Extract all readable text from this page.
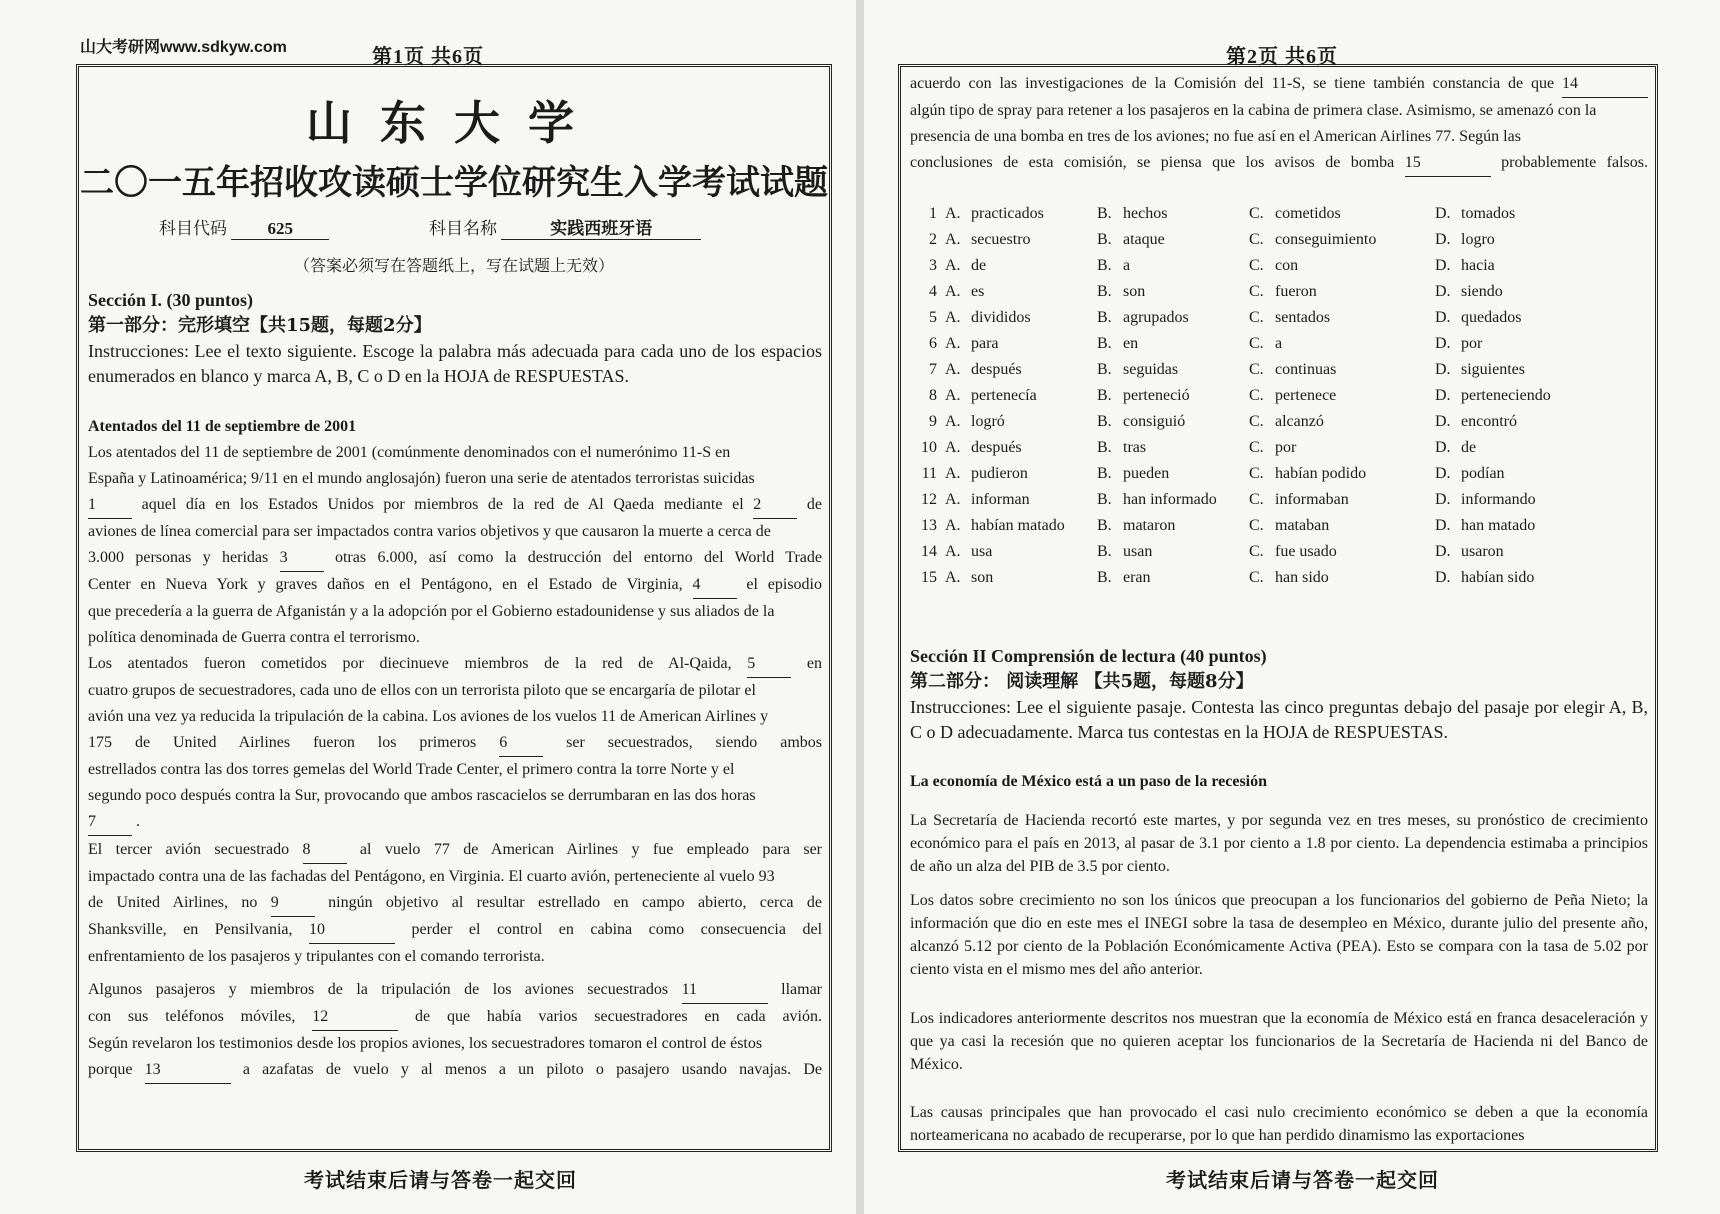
山大考研网www.sdkyw.com	第1页 共6页
山东大学
二〇一五年招收攻读硕士学位研究生入学考试试题
科目代码 625	科目名称	实践西班牙语
（答案必须写在答题纸上，写在试题上无效）
Sección I. (30 puntos)
第一部分：完形填空【共15题，每题2分】
Instrucciones: Lee el texto siguiente. Escoge la palabra más adecuada para cada uno de los espacios enumerados en blanco y marca A, B, C o D en la HOJA de RESPUESTAS.
Atentados del 11 de septiembre de 2001
Los atentados del 11 de septiembre de 2001 (comúnmente denominados con el numerónimo 11-S en
España y Latinoamérica; 9/11 en el mundo anglosajón) fueron una serie de atentados terroristas suicidas
1 aquel día en los Estados Unidos por miembros de la red de Al Qaeda mediante el 2 de
aviones de línea comercial para ser impactados contra varios objetivos y que causaron la muerte a cerca de
3.000 personas y heridas 3 otras 6.000, así como la destrucción del entorno del World Trade
Center en Nueva York y graves daños en el Pentágono, en el Estado de Virginia, 4 el episodio
que precedería a la guerra de Afganistán y a la adopción por el Gobierno estadounidense y sus aliados de la
política denominada de Guerra contra el terrorismo.
Los atentados fueron cometidos por diecinueve miembros de la red de Al-Qaida, 5 en
cuatro grupos de secuestradores, cada uno de ellos con un terrorista piloto que se encargaría de pilotar el
avión una vez ya reducida la tripulación de la cabina. Los aviones de los vuelos 11 de American Airlines y
175 de United Airlines fueron los primeros 6 ser secuestrados, siendo ambos
estrellados contra las dos torres gemelas del World Trade Center, el primero contra la torre Norte y el
segundo poco después contra la Sur, provocando que ambos rascacielos se derrumbaran en las dos horas
7 .
El tercer avión secuestrado 8 al vuelo 77 de American Airlines y fue empleado para ser
impactado contra una de las fachadas del Pentágono, en Virginia. El cuarto avión, perteneciente al vuelo 93
de United Airlines, no 9 ningún objetivo al resultar estrellado en campo abierto, cerca de
Shanksville, en Pensilvania, 10	perder el control en cabina como consecuencia del
enfrentamiento de los pasajeros y tripulantes con el comando terrorista.
Algunos pasajeros y miembros de la tripulación de los aviones secuestrados 11	llamar
con sus teléfonos móviles, 12	de que había varios secuestradores en cada avión.
Según revelaron los testimonios desde los propios aviones, los secuestradores tomaron el control de éstos
porque 13	a azafatas de vuelo y al menos a un piloto o pasajero usando navajas. De
考试结束后请与答卷一起交回
第2页 共6页
acuerdo con las investigaciones de la Comisión del 11-S, se tiene también constancia de que 14
algún tipo de spray para retener a los pasajeros en la cabina de primera clase. Asimismo, se amenazó con la
presencia de una bomba en tres de los aviones; no fue así en el American Airlines 77. Según las
conclusiones de esta comisión, se piensa que los avisos de bomba 15	probablemente falsos.
1	A.	practicados	B.	hechos	C.	cometidos	D.	tomados
2	A.	secuestro	B.	ataque	C.	conseguimiento	D.	logro
3	A.	de	B.	a	C.	con	D.	hacia
4	A.	es	B.	son	C.	fueron	D.	siendo
5	A.	divididos	B.	agrupados	C.	sentados	D.	quedados
6	A.	para	B.	en	C.	a	D.	por
7	A.	después	B.	seguidas	C.	continuas	D.	siguientes
8	A.	pertenecía	B.	perteneció	C.	pertenece	D.	perteneciendo
9	A.	logró	B.	consiguió	C.	alcanzó	D.	encontró
10	A.	después	B.	tras	C.	por	D.	de
11	A.	pudieron	B.	pueden	C.	habían podido	D.	podían
12	A.	informan	B.	han informado	C.	informaban	D.	informando
13	A.	habían matado	B.	mataron	C.	mataban	D.	han matado
14	A.	usa	B.	usan	C.	fue usado	D.	usaron
15	A.	son	B.	eran	C.	han sido	D.	habían sido
Sección II Comprensión de lectura (40 puntos)
第二部分： 阅读理解 【共5题，每题8分】
Instrucciones: Lee el siguiente pasaje. Contesta las cinco preguntas debajo del pasaje por elegir A, B, C o D adecuadamente. Marca tus contestas en la HOJA de RESPUESTAS.
La economía de México está a un paso de la recesión
La Secretaría de Hacienda recortó este martes, y por segunda vez en tres meses, su pronóstico de crecimiento económico para el país en 2013, al pasar de 3.1 por ciento a 1.8 por ciento. La dependencia estimaba a principios de año un alza del PIB de 3.5 por ciento.
Los datos sobre crecimiento no son los únicos que preocupan a los funcionarios del gobierno de Peña Nieto; la información que dio en este mes el INEGI sobre la tasa de desempleo en México, durante julio del presente año, alcanzó 5.12 por ciento de la Población Económicamente Activa (PEA). Esto se compara con la tasa de 5.02 por ciento vista en el mismo mes del año anterior.
Los indicadores anteriormente descritos nos muestran que la economía de México está en franca desaceleración y que ya casi la recesión que no quieren aceptar los funcionarios de la Secretaría de Hacienda ni del Banco de México.
Las causas principales que han provocado el casi nulo crecimiento económico se deben a que la economía norteamericana no acabado de recuperarse, por lo que han perdido dinamismo las exportaciones
考试结束后请与答卷一起交回
